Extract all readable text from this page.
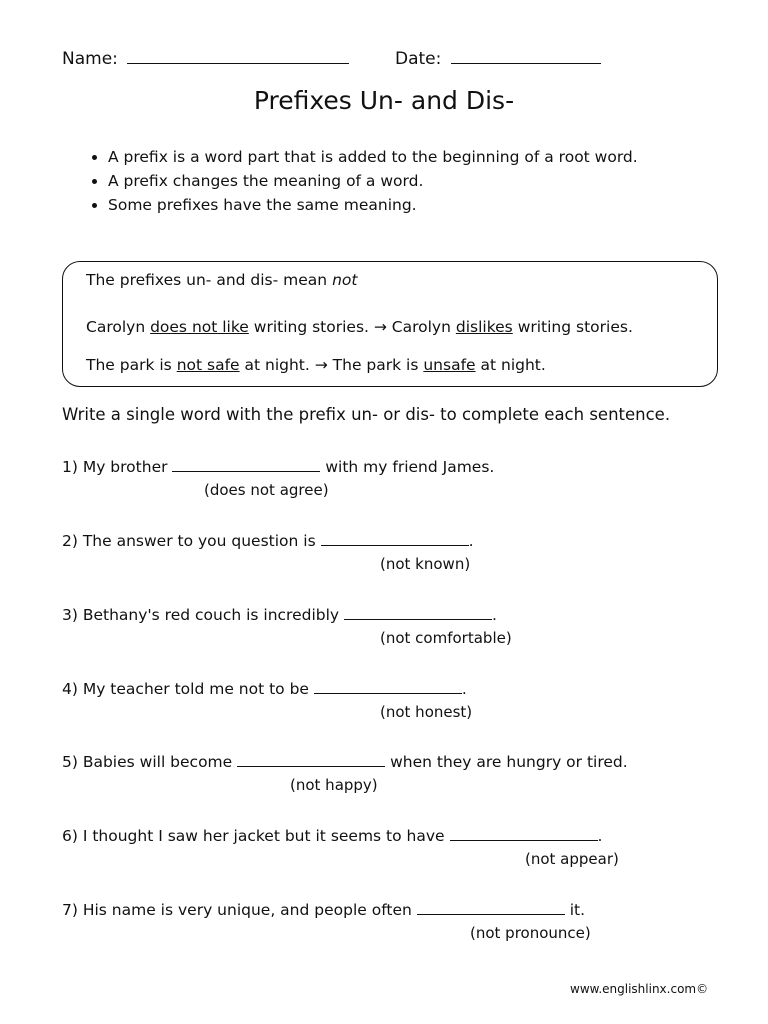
Name:	Date:
Prefixes Un- and Dis-
• A prefix is a word part that is added to the beginning of a root word.
• A prefix changes the meaning of a word.
• Some prefixes have the same meaning.
The prefixes un- and dis- mean not
Carolyn does not like writing stories. → Carolyn dislikes writing stories.
The park is not safe at night. → The park is unsafe at night.
Write a single word with the prefix un- or dis- to complete each sentence.
1) My brother	with my friend James.
(does not agree)
2) The answer to you question is	.
(not known)
3) Bethany's red couch is incredibly	.
(not comfortable)
4) My teacher told me not to be	.
(not honest)
5) Babies will become	when they are hungry or tired.
(not happy)
6) I thought I saw her jacket but it seems to have	.
(not appear)
7) His name is very unique, and people often	it.
(not pronounce)
www.englishlinx.com©
